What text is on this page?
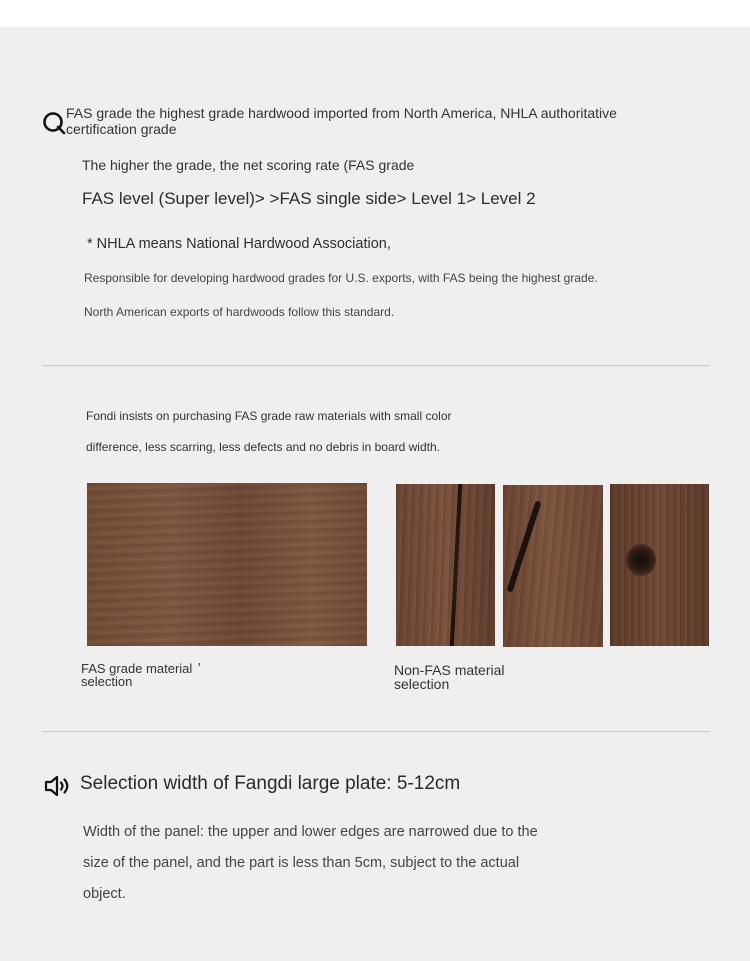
FAS grade the highest grade hardwood imported from North America, NHLA authoritative certification grade
The higher the grade, the net scoring rate (FAS grade
FAS level (Super level)> >FAS single side> Level 1> Level 2
* NHLA means National Hardwood Association,
Responsible for developing hardwood grades for U.S. exports, with FAS being the highest grade.
North American exports of hardwoods follow this standard.
Fondi insists on purchasing FAS grade raw materials with small color
difference, less scarring, less defects and no debris in board width.
FAS grade material selection
'	Non-FAS material selection
Selection width of Fangdi large plate: 5-12cm
Width of the panel: the upper and lower edges are narrowed due to the
size of the panel, and the part is less than 5cm, subject to the actual
object.
